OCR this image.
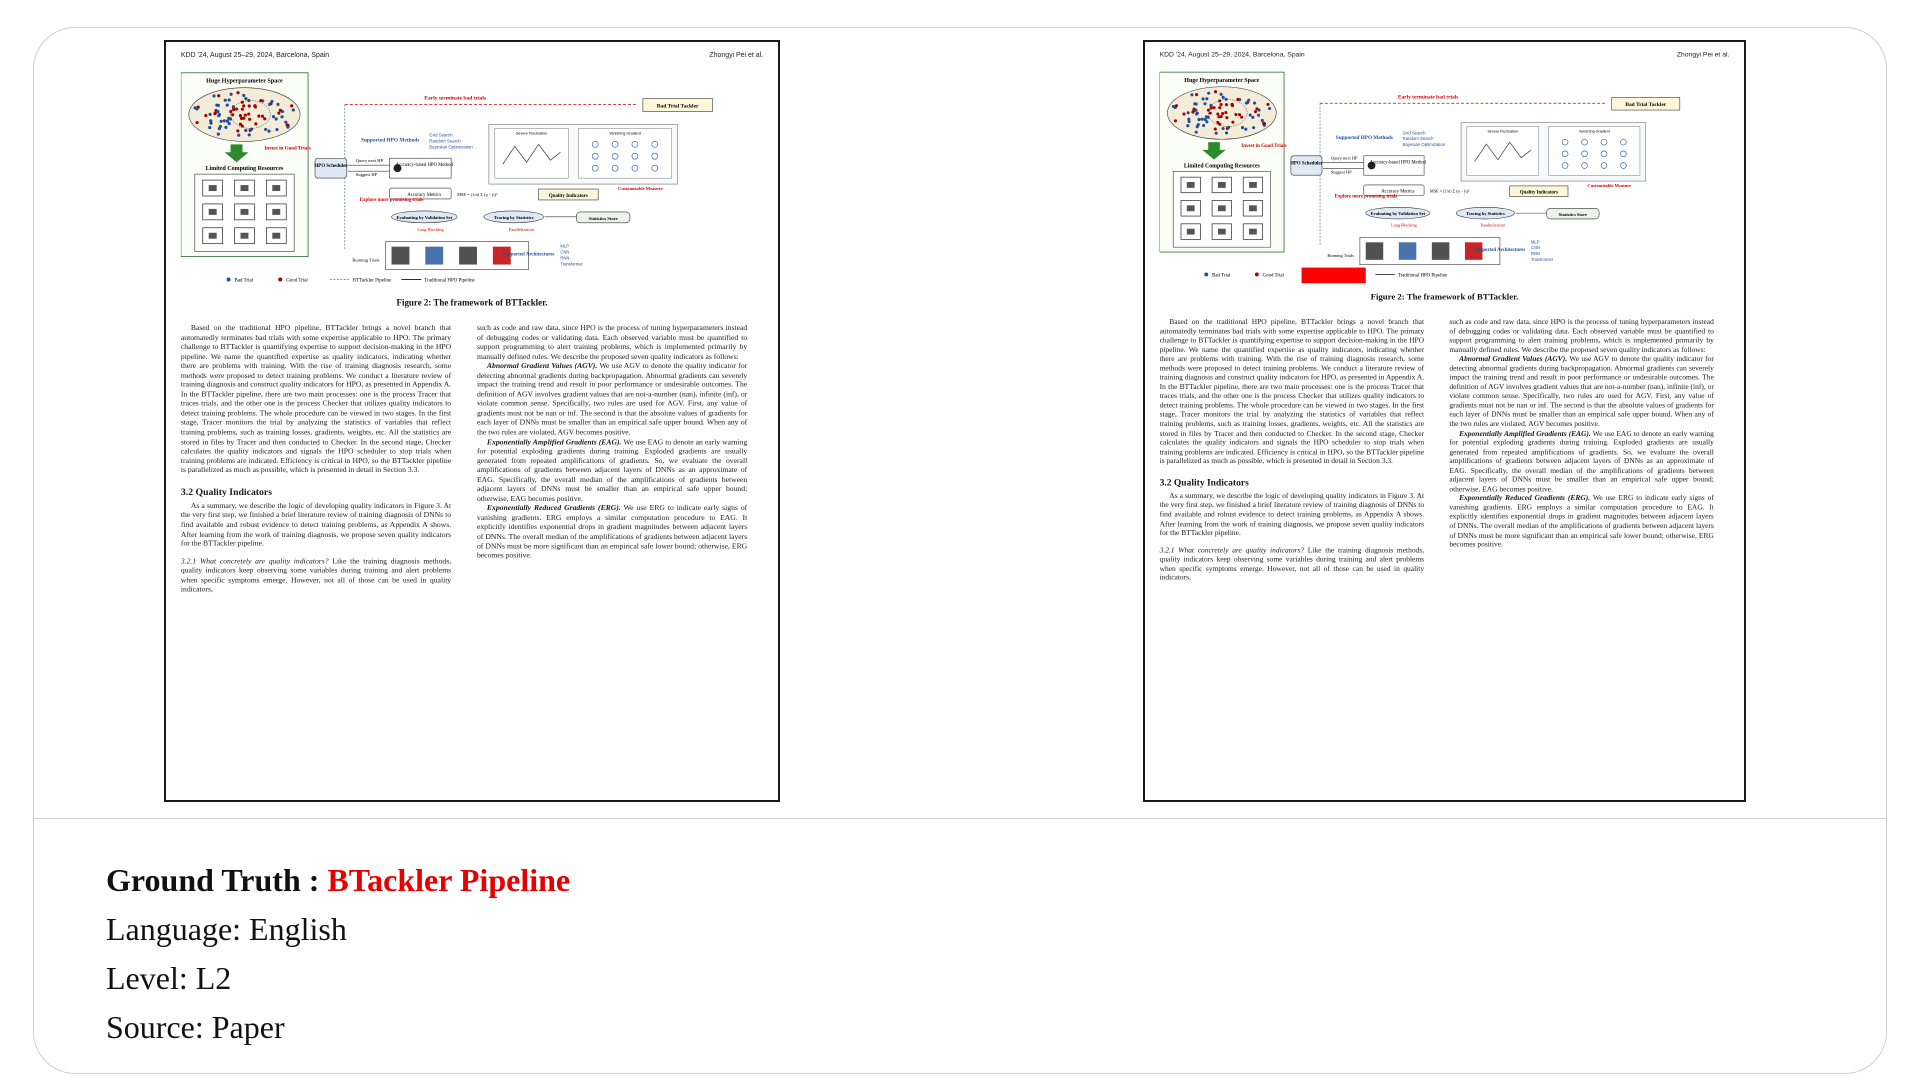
KDD '24, August 25–29, 2024, Barcelona, Spain	Zhongyi Pei et al.
Huge Hyperparameter Space
Invest in Good Trials
Limited Computing Resources
Early terminate bad trials
Bad Trial Tackler
Supported HPO Methods
Grid Search
Random Search
Bayesian Optimization
HPO Scheduler
Query next HP
Suggest HP
Accuracy-based HPO Method
Accuracy Metrics	MSE = (1/n) Σ (yᵢ - ŷᵢ)²
Explore more promising trials
Evaluating by Validation Set	Tracing by Statistics	Statistics Store
Long Blocking	Parallelization
Severe Fluctuation	Vanishing Gradient
Quality Indicators
Customizable Measure
Running Trials
Supported Architectures
MLP
CNN
RNN
Transformer
Bad Trial	Good Trial	BTTackler Pipeline	Traditional HPO Pipeline
Figure 2: The framework of BTTackler.

Based on the traditional HPO pipeline, BTTackler brings a novel branch that automatedly terminates bad trials with some expertise applicable to HPO. The primary challenge to BTTackler is quantifying expertise to support decision-making in the HPO pipeline. We name the quantified expertise as quality indicators, indicating whether there are problems with training. With the rise of training diagnosis research, some methods were proposed to detect training problems. We conduct a literature review of training diagnosis and construct quality indicators for HPO, as presented in Appendix A. In the BTTackler pipeline, there are two main processes: one is the process Tracer that traces trials, and the other one is the process Checker that utilizes quality indicators to detect training problems. The whole procedure can be viewed in two stages. In the first stage, Tracer monitors the trial by analyzing the statistics of variables that reflect training problems, such as training losses, gradients, weights, etc. All the statistics are stored in files by Tracer and then conducted to Checker. In the second stage, Checker calculates the quality indicators and signals the HPO scheduler to stop trials when training problems are indicated. Efficiency is critical in HPO, so the BTTackler pipeline is parallelized as much as possible, which is presented in detail in Section 3.3.

3.2 Quality Indicators

As a summary, we describe the logic of developing quality indicators in Figure 3. At the very first step, we finished a brief literature review of training diagnosis of DNNs to find available and robust evidence to detect training problems, as Appendix A shows. After learning from the work of training diagnosis, we propose seven quality indicators for the BTTackler pipeline.

3.2.1 What concretely are quality indicators? Like the training diagnosis methods, quality indicators keep observing some variables during training and alert problems when specific symptoms emerge. However, not all of those can be used in quality indicators,

such as code and raw data, since HPO is the process of tuning hyperparameters instead of debugging codes or validating data. Each observed variable must be quantified to support programming to alert training problems, which is implemented primarily by manually defined rules. We describe the proposed seven quality indicators as follows:

Abnormal Gradient Values (AGV). We use AGV to denote the quality indicator for detecting abnormal gradients during backpropagation. Abnormal gradients can severely impact the training trend and result in poor performance or undesirable outcomes. The definition of AGV involves gradient values that are not-a-number (nan), infinite (inf), or violate common sense. Specifically, two rules are used for AGV. First, any value of gradients must not be nan or inf. The second is that the absolute values of gradients for each layer of DNNs must be smaller than an empirical safe upper bound. When any of the two rules are violated, AGV becomes positive.

Exponentially Amplified Gradients (EAG). We use EAG to denote an early warning for potential exploding gradients during training. Exploded gradients are usually generated from repeated amplifications of gradients. So, we evaluate the overall amplifications of gradients between adjacent layers of DNNs as an approximate of EAG. Specifically, the overall median of the amplifications of gradients between adjacent layers of DNNs must be smaller than an empirical safe upper bound; otherwise, EAG becomes positive.

Exponentially Reduced Gradients (ERG). We use ERG to indicate early signs of vanishing gradients. ERG employs a similar computation procedure to EAG. It explicitly identifies exponential drops in gradient magnitudes between adjacent layers of DNNs. The overall median of the amplifications of gradients between adjacent layers of DNNs must be more significant than an empirical safe lower bound; otherwise, ERG becomes positive.

KDD '24, August 25–29, 2024, Barcelona, Spain	Zhongyi Pei et al.
Huge Hyperparameter Space
Invest in Good Trials
Limited Computing Resources
Early terminate bad trials
Bad Trial Tackler
Supported HPO Methods
Grid Search
Random Search
Bayesian Optimization
HPO Scheduler
Query next HP
Suggest HP
Accuracy-based HPO Method
Accuracy Metrics	MSE = (1/n) Σ (yᵢ - ŷᵢ)²
Explore more promising trials
Evaluating by Validation Set	Tracing by Statistics	Statistics Store
Long Blocking	Parallelization
Severe Fluctuation	Vanishing Gradient
Quality Indicators
Customizable Measure
Running Trials
Supported Architectures
MLP
CNN
RNN
Transformer
Bad Trial	Good Trial	Traditional HPO Pipeline
Figure 2: The framework of BTTackler.

Based on the traditional HPO pipeline, BTTackler brings a novel branch that automatedly terminates bad trials with some expertise applicable to HPO. The primary challenge to BTTackler is quantifying expertise to support decision-making in the HPO pipeline. We name the quantified expertise as quality indicators, indicating whether there are problems with training. With the rise of training diagnosis research, some methods were proposed to detect training problems. We conduct a literature review of training diagnosis and construct quality indicators for HPO, as presented in Appendix A. In the BTTackler pipeline, there are two main processes: one is the process Tracer that traces trials, and the other one is the process Checker that utilizes quality indicators to detect training problems. The whole procedure can be viewed in two stages. In the first stage, Tracer monitors the trial by analyzing the statistics of variables that reflect training problems, such as training losses, gradients, weights, etc. All the statistics are stored in files by Tracer and then conducted to Checker. In the second stage, Checker calculates the quality indicators and signals the HPO scheduler to stop trials when training problems are indicated. Efficiency is critical in HPO, so the BTTackler pipeline is parallelized as much as possible, which is presented in detail in Section 3.3.

3.2 Quality Indicators

As a summary, we describe the logic of developing quality indicators in Figure 3. At the very first step, we finished a brief literature review of training diagnosis of DNNs to find available and robust evidence to detect training problems, as Appendix A shows. After learning from the work of training diagnosis, we propose seven quality indicators for the BTTackler pipeline.

3.2.1 What concretely are quality indicators? Like the training diagnosis methods, quality indicators keep observing some variables during training and alert problems when specific symptoms emerge. However, not all of those can be used in quality indicators,

such as code and raw data, since HPO is the process of tuning hyperparameters instead of debugging codes or validating data. Each observed variable must be quantified to support programming to alert training problems, which is implemented primarily by manually defined rules. We describe the proposed seven quality indicators as follows:

Abnormal Gradient Values (AGV). We use AGV to denote the quality indicator for detecting abnormal gradients during backpropagation. Abnormal gradients can severely impact the training trend and result in poor performance or undesirable outcomes. The definition of AGV involves gradient values that are not-a-number (nan), infinite (inf), or violate common sense. Specifically, two rules are used for AGV. First, any value of gradients must not be nan or inf. The second is that the absolute values of gradients for each layer of DNNs must be smaller than an empirical safe upper bound. When any of the two rules are violated, AGV becomes positive.

Exponentially Amplified Gradients (EAG). We use EAG to denote an early warning for potential exploding gradients during training. Exploded gradients are usually generated from repeated amplifications of gradients. So, we evaluate the overall amplifications of gradients between adjacent layers of DNNs as an approximate of EAG. Specifically, the overall median of the amplifications of gradients between adjacent layers of DNNs must be smaller than an empirical safe upper bound; otherwise, EAG becomes positive.

Exponentially Reduced Gradients (ERG). We use ERG to indicate early signs of vanishing gradients. ERG employs a similar computation procedure to EAG. It explicitly identifies exponential drops in gradient magnitudes between adjacent layers of DNNs. The overall median of the amplifications of gradients between adjacent layers of DNNs must be more significant than an empirical safe lower bound; otherwise, ERG becomes positive.

Ground Truth : BTackler Pipeline
Language: English
Level: L2
Source: Paper
